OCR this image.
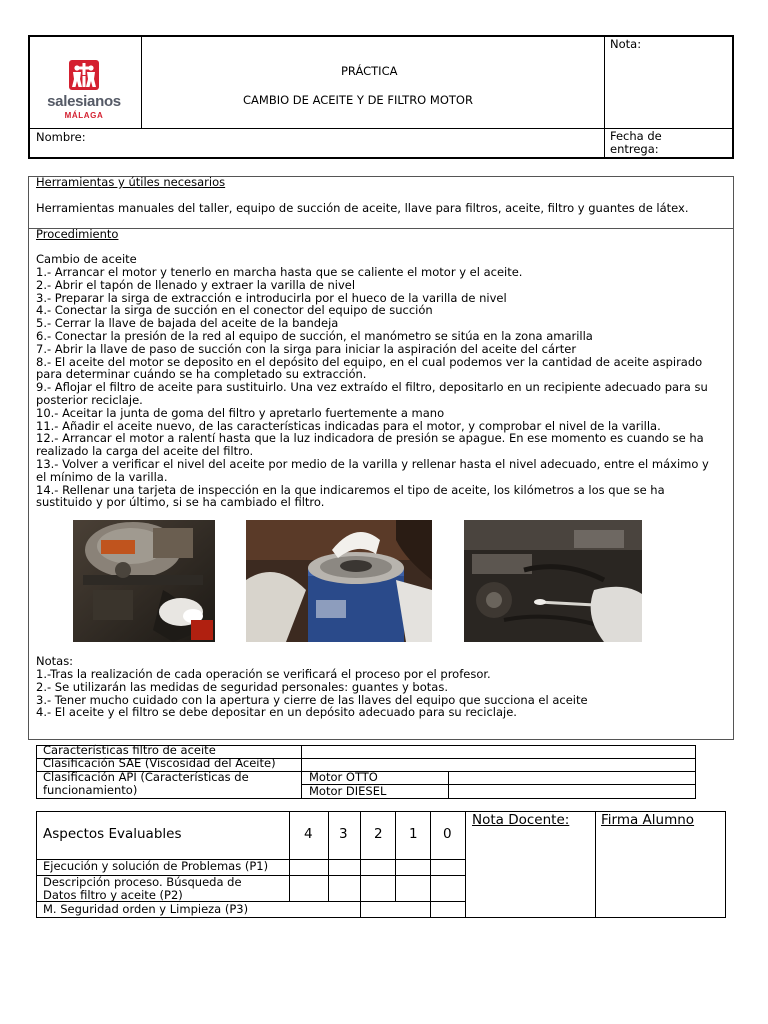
salesianos
MÁLAGA
PRÁCTICA
CAMBIO DE ACEITE Y DE FILTRO MOTOR
Nota:
Nombre:	Fecha de
entrega:
Herramientas y útiles necesarios
Herramientas manuales del taller, equipo de succión de aceite, llave para filtros, aceite, filtro y guantes de látex.
Procedimiento
Cambio de aceite
1.- Arrancar el motor y tenerlo en marcha hasta que se caliente el motor y el aceite.
2.- Abrir el tapón de llenado y extraer la varilla de nivel
3.- Preparar la sirga de extracción e introducirla por el hueco de la varilla de nivel
4.- Conectar la sirga de succión en el conector del equipo de succión
5.- Cerrar la llave de bajada del aceite de la bandeja
6.- Conectar la presión de la red al equipo de succión, el manómetro se sitúa en la zona amarilla
7.- Abrir la llave de paso de succión con la sirga para iniciar la aspiración del aceite del cárter
8.- El aceite del motor se deposito en el depósito del equipo, en el cual podemos ver la cantidad de aceite aspirado
para determinar cuándo se ha completado su extracción.
9.- Aflojar el filtro de aceite para sustituirlo. Una vez extraído el filtro, depositarlo en un recipiente adecuado para su
posterior reciclaje.
10.- Aceitar la junta de goma del filtro y apretarlo fuertemente a mano
11.- Añadir el aceite nuevo, de las características indicadas para el motor, y comprobar el nivel de la varilla.
12.- Arrancar el motor a ralentí hasta que la luz indicadora de presión se apague. En ese momento es cuando se ha
realizado la carga del aceite del filtro.
13.- Volver a verificar el nivel del aceite por medio de la varilla y rellenar hasta el nivel adecuado, entre el máximo y
el mínimo de la varilla.
14.- Rellenar una tarjeta de inspección en la que indicaremos el tipo de aceite, los kilómetros a los que se ha
sustituido y por último, si se ha cambiado el filtro.
Notas:
1.-Tras la realización de cada operación se verificará el proceso por el profesor.
2.- Se utilizarán las medidas de seguridad personales: guantes y botas.
3.- Tener mucho cuidado con la apertura y cierre de las llaves del equipo que succiona el aceite
4.- El aceite y el filtro se debe depositar en un depósito adecuado para su reciclaje.
Características filtro de aceite
Clasificación SAE (Viscosidad del Aceite)
Clasificación API (Características de
funcionamiento)
Motor OTTO
Motor DIESEL
Aspectos Evaluables	4 3 2 1 0
Nota Docente: Firma Alumno
Ejecución y solución de Problemas (P1)
Descripción proceso. Búsqueda de
Datos filtro y aceite (P2)
M. Seguridad orden y Limpieza (P3)
